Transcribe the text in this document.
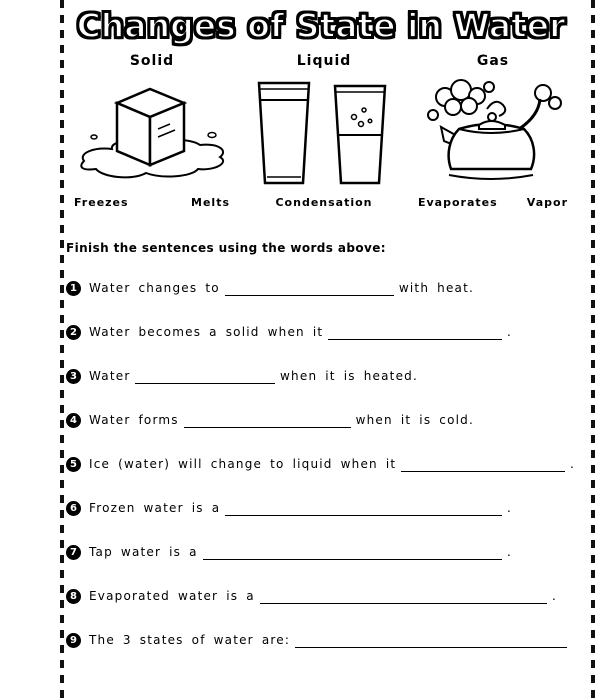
Changes of State in Water
Solid
Freezes	Melts
Liquid
Condensation
Gas
Evaporates	Vapor
Finish the sentences using the words above:
1	Water changes to	with heat.
2	Water becomes a solid when it	.
3	Water	when it is heated.
4	Water forms	when it is cold.
5	Ice (water) will change to liquid when it	.
6	Frozen water is a	.
7	Tap water is a	.
8	Evaporated water is a	.
9	The 3 states of water are:
